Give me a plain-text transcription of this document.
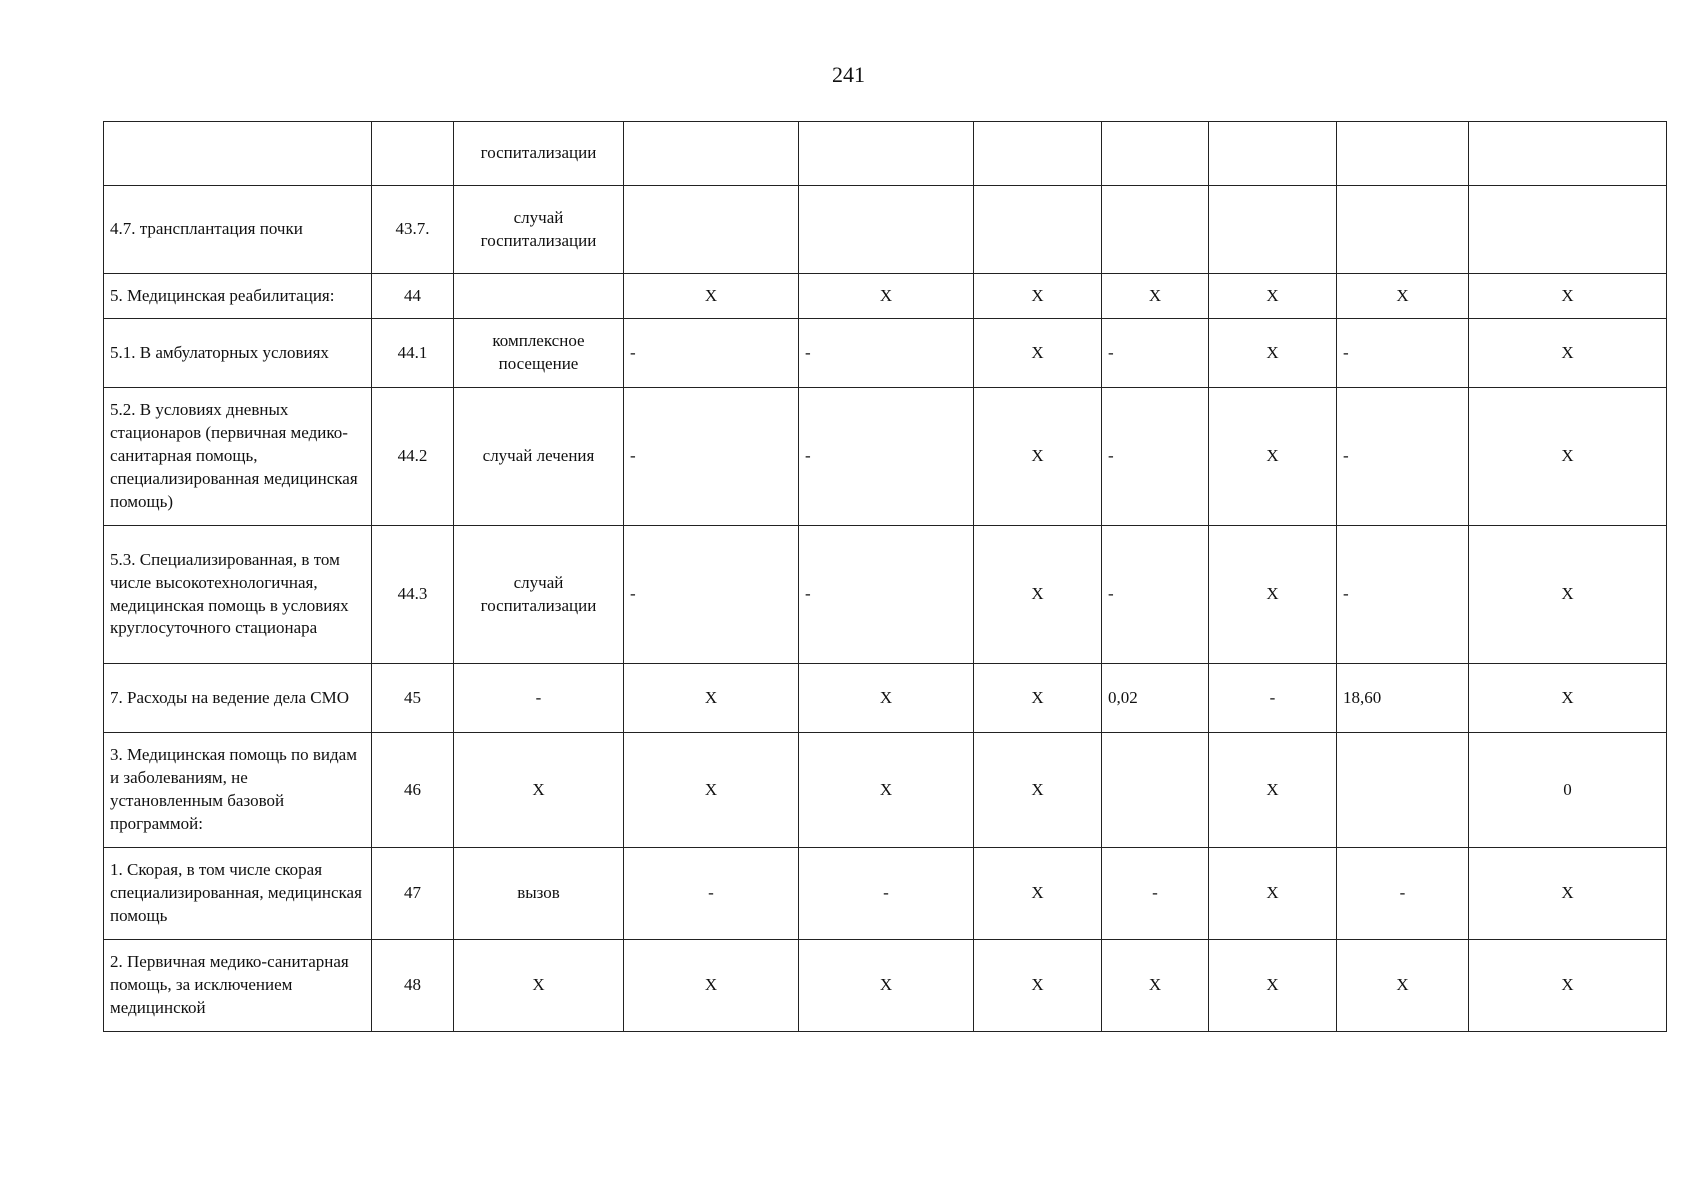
241
		госпитализации							
4.7. трансплантация почки	43.7.	случай госпитализации							
5. Медицинская реабилитация:	44		X	X	X	X	X	X	X
5.1. В амбулаторных условиях	44.1	комплексное посещение	-	-	X	-	X	-	X
5.2. В условиях дневных стационаров (первичная медико-санитарная помощь, специализированная медицинская помощь)	44.2	случай лечения	-	-	X	-	X	-	X
5.3. Специализированная, в том числе высокотехнологичная, медицинская помощь в условиях круглосуточного стационара	44.3	случай госпитализации	-	-	X	-	X	-	X
7. Расходы на ведение дела СМО	45	-	X	X	X	0,02	-	18,60	X
3. Медицинская помощь по видам и заболеваниям, не установленным базовой программой:	46	X	X	X	X		X		0
1. Скорая, в том числе скорая специализированная, медицинская помощь	47	вызов	-	-	X	-	X	-	X
2. Первичная медико-санитарная помощь, за исключением медицинской	48	X	X	X	X	X	X	X	X
